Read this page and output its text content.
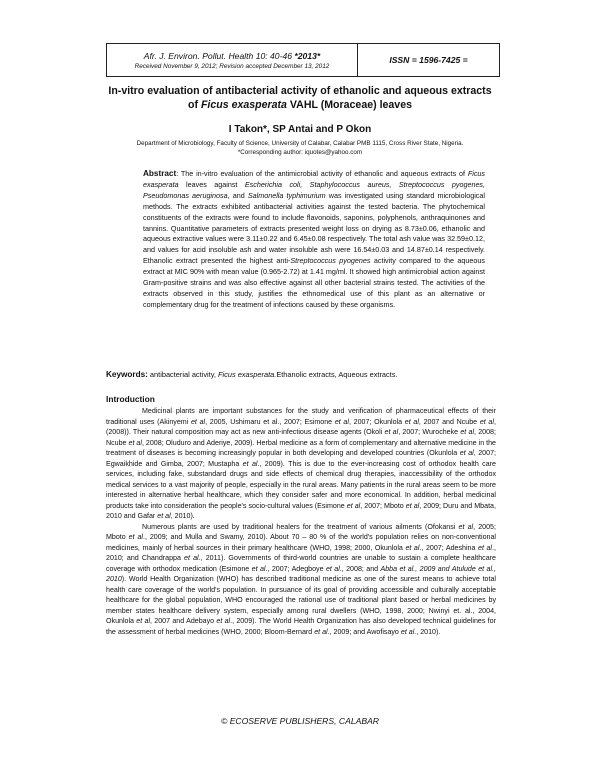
Afr. J. Environ. Pollut. Health 10: 40-46 *2013*
Received November 9, 2012; Revision accepted December 13, 2012
ISSN = 1596-7425 =
In-vitro evaluation of antibacterial activity of ethanolic and aqueous extracts
of Ficus exasperata VAHL (Moraceae) leaves
I Takon*, SP Antai and P Okon
Department of Microbiology, Faculty of Science, University of Calabar, Calabar PMB 1115, Cross River State, Nigeria.
*Corresponding author: iquotes@yahoo.com
Abstract: The in-vitro evaluation of the antimicrobial activity of ethanolic and aqueous extracts of Ficus exasperata leaves against Escherichia coli, Staphylococcus aureus, Streptococcus pyogenes, Pseudomonas aeruginosa, and Salmonella typhimurium was investigated using standard microbiological methods. The extracts exhibited antibacterial activities against the tested bacteria. The phytochemical constituents of the extracts were found to include flavonoids, saponins, polyphenols, anthraquinones and tannins. Quantitative parameters of extracts presented weight loss on drying as 8.73±0.06, ethanolic and aqueous extractive values were 3.11±0.22 and 6.45±0.08 respectively. The total ash value was 32.59±0.12, and values for acid insoluble ash and water insoluble ash were 16.54±0.03 and 14.87±0.14 respectively. Ethanolic extract presented the highest anti-Streptococcus pyogenes activity compared to the aqueous extract at MIC 90% with mean value (0.965-2.72) at 1.41 mg/ml. It showed high antimicrobial action against Gram-positive strains and was also effective against all other bacterial strains tested. The activities of the extracts observed in this study, justifies the ethnomedical use of this plant as an alternative or complementary drug for the treatment of infections caused by these organisms.
Keywords: antibacterial activity, Ficus exasperata.Ethanolic extracts, Aqueous extracts.
Introduction

Medicinal plants are important substances for the study and verification of pharmaceutical effects of their traditional uses (Akinyemi et al, 2005, Ushimaru et al., 2007; Esimone et al, 2007; Okunlola et al, 2007 and Ncube et al,(2008)). Their natural composition may act as new anti-infectious disease agents (Okoli et al, 2007; Wurocheke et al, 2008; Ncube et al, 2008; Oluduro and Aderiye, 2009). Herbal medicine as a form of complementary and alternative medicine in the treatment of diseases is becoming increasingly popular in both developing and developed countries (Okunlola et al, 2007; Egwaikhide and Gimba, 2007; Mustapha et al., 2009). This is due to the ever-increasing cost of orthodox health care services, including fake, substandard drugs and side effects of chemical drug therapies, inaccessibility of the orthodox medical services to a vast majority of people, especially in the rural areas. Many patients in the rural areas seem to be more interested in alternative herbal healthcare, which they consider safer and more economical. In addition, herbal medicinal products take into consideration the people's socio-cultural values (Esimone et al, 2007; Mboto et al, 2009; Duru and Mbata, 2010 and Gafar et al, 2010).

Numerous plants are used by traditional healers for the treatment of various ailments (Ofokansi et al, 2005; Mboto et al., 2009; and Mulla and Swamy, 2010). About 70 – 80 % of the world's population relies on non-conventional medicines, mainly of herbal sources in their primary healthcare (WHO, 1998; 2000, Okunlola et al., 2007; Adeshina et al., 2010; and Chandrappa et al., 2011). Governments of third-world countries are unable to sustain a complete healthcare coverage with orthodox medication (Esimone et al., 2007; Adegboye et al., 2008; and Abba et al., 2009 and Atulude et al., 2010). World Health Organization (WHO) has described traditional medicine as one of the surest means to achieve total health care coverage of the world's population. In pursuance of its goal of providing accessible and culturally acceptable healthcare for the global population, WHO encouraged the rational use of traditional plant based or herbal medicines by member states healthcare delivery system, especially among rural dwellers (WHO, 1998, 2000; Nwinyi et. al., 2004, Okunlola et al, 2007 and Adebayo et al., 2009). The World Health Organization has also developed technical guidelines for the assessment of herbal medicines (WHO, 2000; Bloom-Bernard et al., 2009; and Awofisayo et al., 2010).

© ECOSERVE PUBLISHERS, CALABAR
